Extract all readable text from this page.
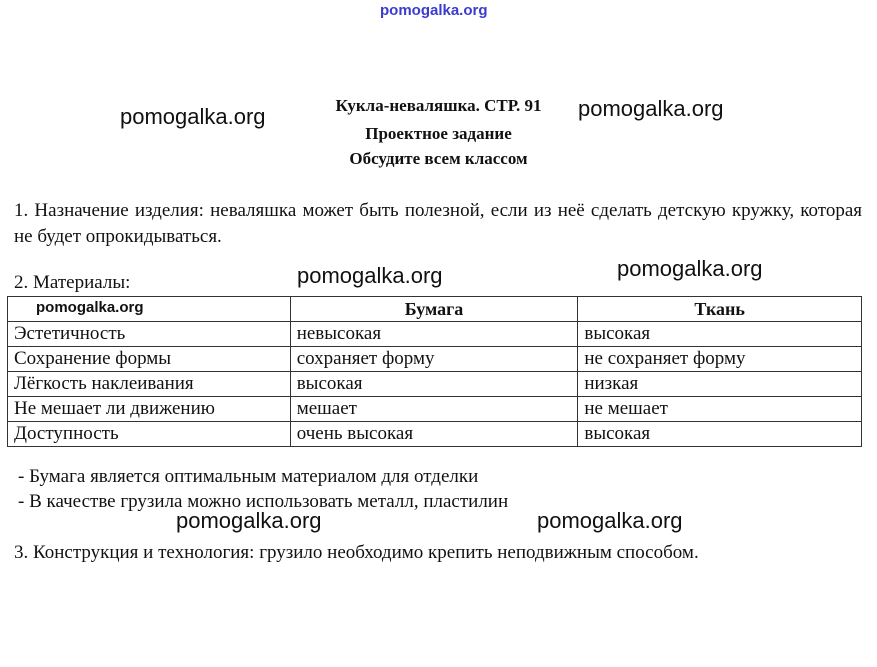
pomogalka.org
Кукла-неваляшка. СТР. 91
Проектное задание
Обсудите всем классом
pomogalka.org	pomogalka.org
1. Назначение изделия: неваляшка может быть полезной, если из неё сделать детскую кружку, которая не будет опрокидываться.
2. Материалы:	pomogalka.org	pomogalka.org
	Бумага	Ткань
Эстетичность	невысокая	высокая
Сохранение формы	сохраняет форму	не сохраняет форму
Лёгкость наклеивания	высокая	низкая
Не мешает ли движению	мешает	не мешает
Доступность	очень высокая	высокая
pomogalka.org
- Бумага является оптимальным материалом для отделки
- В качестве грузила можно использовать металл, пластилин
pomogalka.org	pomogalka.org
3. Конструкция и технология: грузило необходимо крепить неподвижным способом.
